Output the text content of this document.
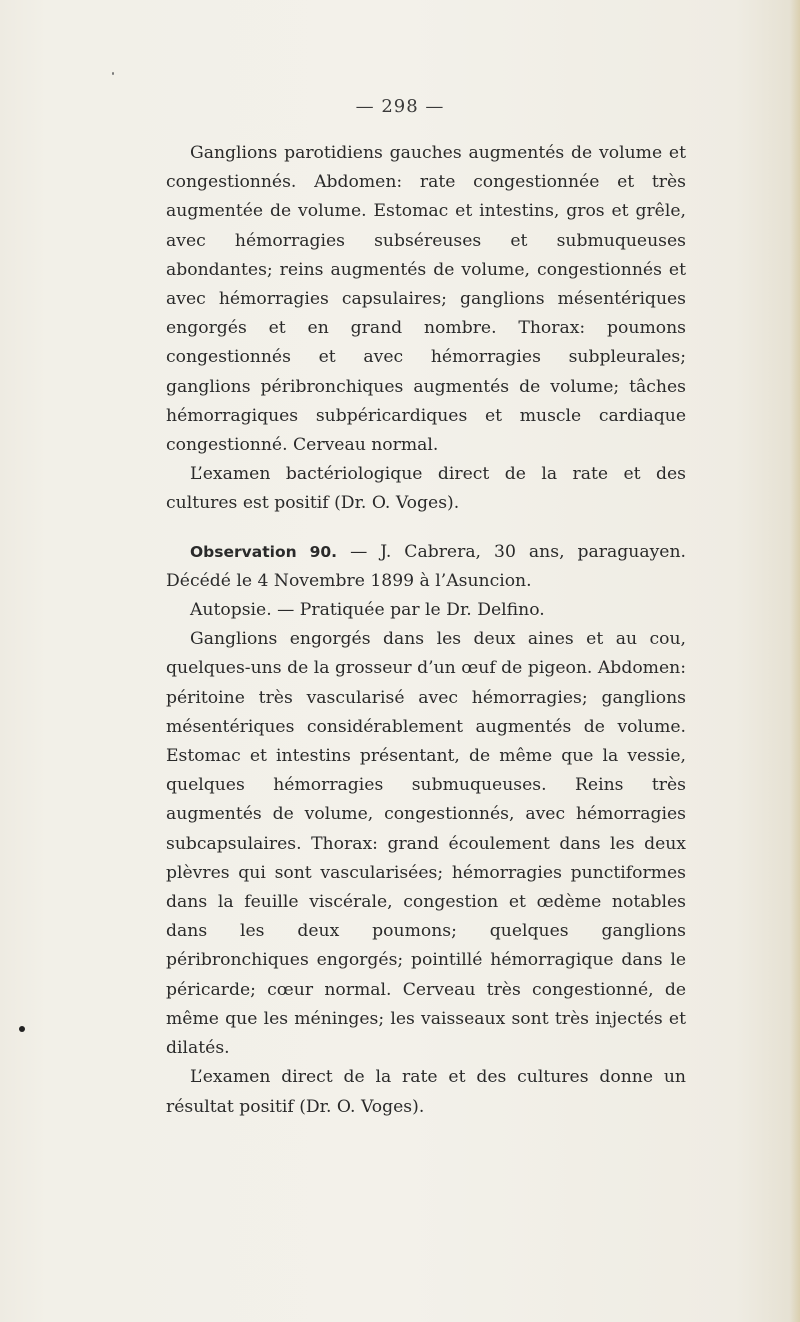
— 298 —

Ganglions parotidiens gauches augmentés de volume et congestionnés. Abdomen: rate congestionnée et très augmentée de volume. Estomac et intestins, gros et grêle, avec hémorragies subséreuses et submuqueuses abondantes; reins augmentés de volume, congestionnés et avec hémorragies capsulaires; ganglions mésentériques engorgés et en grand nombre. Thorax: poumons congestionnés et avec hémorragies subpleurales; ganglions péribronchiques augmentés de volume; tâches hémorragiques subpéricardiques et muscle cardiaque congestionné. Cerveau normal.

L’examen bactériologique direct de la rate et des cultures est positif (Dr. O. Voges).

Observation 90. — J. Cabrera, 30 ans, paraguayen. Décédé le 4 Novembre 1899 à l’Asuncion.

Autopsie. — Pratiquée par le Dr. Delfino.

Ganglions engorgés dans les deux aines et au cou, quelques-uns de la grosseur d’un œuf de pigeon. Abdomen: péritoine très vascularisé avec hémorragies; ganglions mésentériques considérablement augmentés de volume. Estomac et intestins présentant, de même que la vessie, quelques hémorragies submuqueuses. Reins très augmentés de volume, congestionnés, avec hémorragies subcapsulaires. Thorax: grand écoulement dans les deux plèvres qui sont vascularisées; hémorragies punctiformes dans la feuille viscérale, congestion et œdème notables dans les deux poumons; quelques ganglions péribronchiques engorgés; pointillé hémorragique dans le péricarde; cœur normal. Cerveau très congestionné, de même que les méninges; les vaisseaux sont très injectés et dilatés.

L’examen direct de la rate et des cultures donne un résultat positif (Dr. O. Voges).
